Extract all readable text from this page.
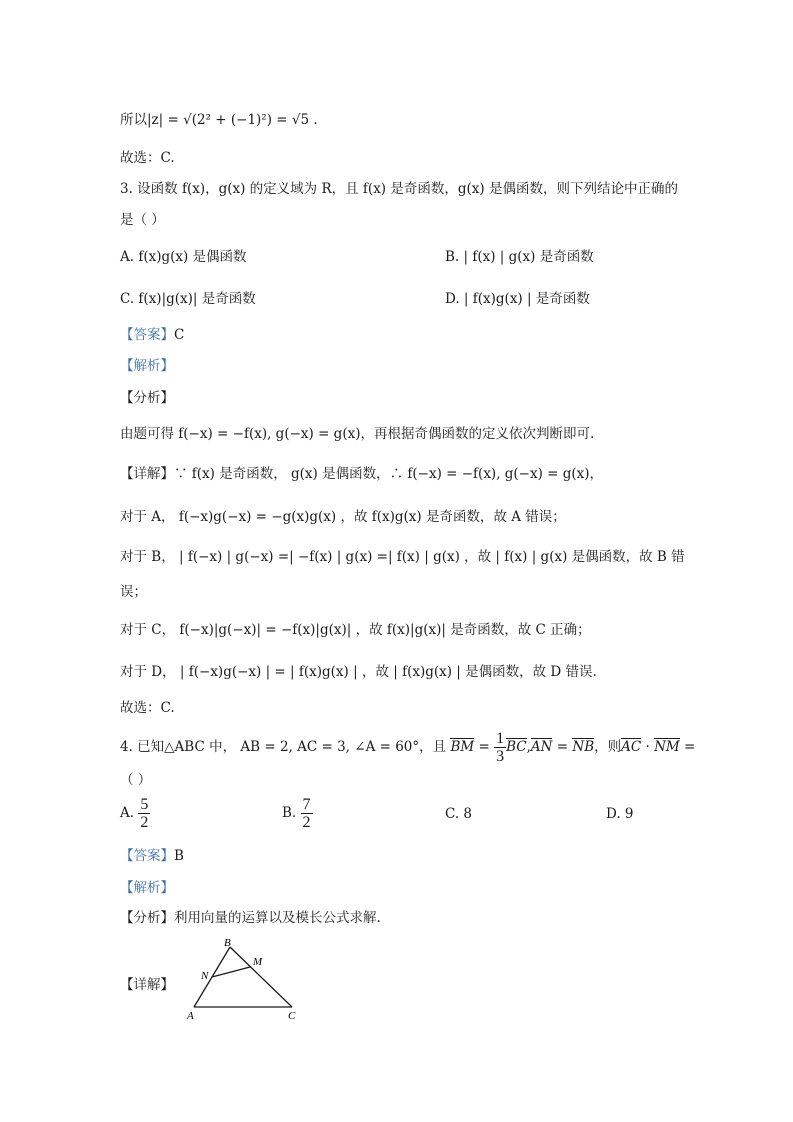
所以|z| = √(2² + (−1)²) = √5 .
故选：C.
3. 设函数 f(x)，g(x) 的定义域为 R，且 f(x) 是奇函数，g(x) 是偶函数，则下列结论中正确的
是（ ）
A. f(x)g(x) 是偶函数	B. | f(x) | g(x) 是奇函数
C. f(x)|g(x)| 是奇函数	D. | f(x)g(x) | 是奇函数
【答案】C
【解析】
【分析】
由题可得 f(−x) = −f(x), g(−x) = g(x)，再根据奇偶函数的定义依次判断即可.
【详解】∵ f(x) 是奇函数， g(x) 是偶函数，∴ f(−x) = −f(x), g(−x) = g(x)，
对于 A， f(−x)g(−x) = −g(x)g(x) ，故 f(x)g(x) 是奇函数，故 A 错误；
对于 B， | f(−x) | g(−x) =| −f(x) | g(x) =| f(x) | g(x) ，故 | f(x) | g(x) 是偶函数，故 B 错
误；
对于 C， f(−x)|g(−x)| = −f(x)|g(x)| ，故 f(x)|g(x)| 是奇函数，故 C 正确；
对于 D， | f(−x)g(−x) | = | f(x)g(x) | ，故 | f(x)g(x) | 是偶函数，故 D 错误.
故选：C.
4. 已知△ABC 中， AB = 2, AC = 3, ∠A = 60°，且 BM = $\frac{1}{3} BC,AN$ = NB，则AC · NM =
（ ）
A. $\frac{5}{2}$	B. $\frac{7}{2}$	C. 8	D. 9
【答案】B
【解析】
【分析】利用向量的运算以及模长公式求解.
【详解】
B
M
N
A	C
